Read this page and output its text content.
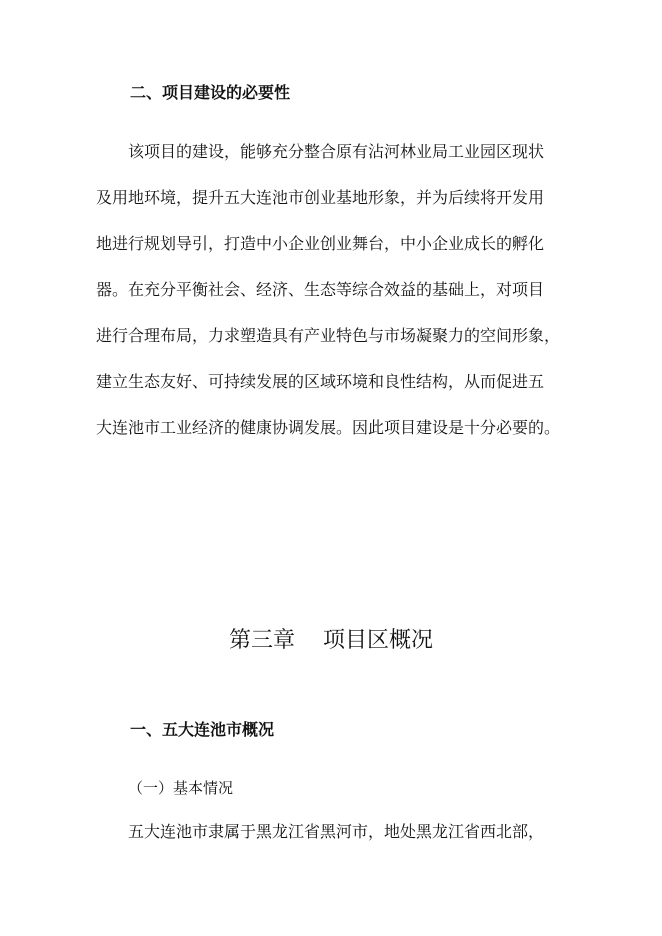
二、项目建设的必要性
该项目的建设，能够充分整合原有沾河林业局工业园区现状
及用地环境，提升五大连池市创业基地形象，并为后续将开发用
地进行规划导引，打造中小企业创业舞台，中小企业成长的孵化
器。在充分平衡社会、经济、生态等综合效益的基础上，对项目
进行合理布局，力求塑造具有产业特色与市场凝聚力的空间形象，
建立生态友好、可持续发展的区域环境和良性结构，从而促进五
大连池市工业经济的健康协调发展。因此项目建设是十分必要的。
第三章 项目区概况
一、五大连池市概况
（一）基本情况
五大连池市隶属于黑龙江省黑河市，地处黑龙江省西北部，
